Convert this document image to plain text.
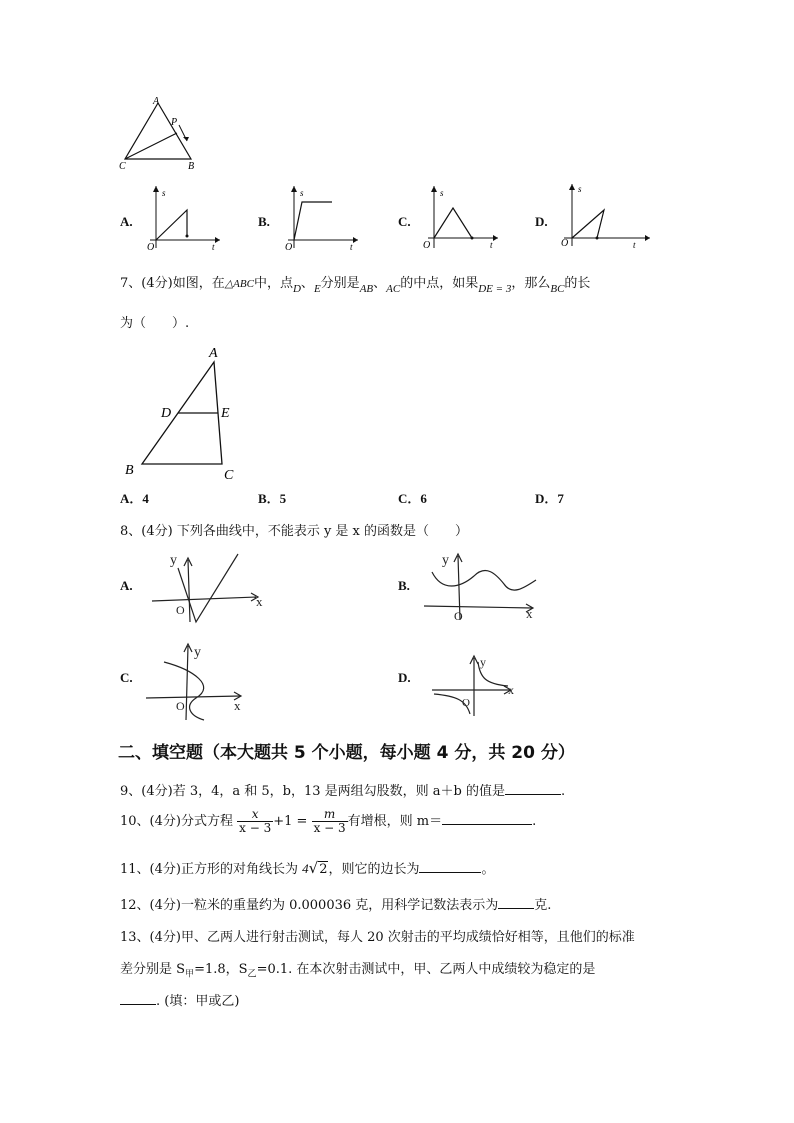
A
P
B
C
A.
s
t
O
B.
s
t
O
C.
s
t
O
D.
s
t
O
7、(4分)如图，在△ABC中，点$_D$、$_E$分别是$_{AB}$、$_{AC}$的中点，如果$_{DE = 3}$，那么$_{BC}$的长
为（　　）.
A
D	E
B	C
A．4	B．5	C．6	D．7
8、(4分) 下列各曲线中，不能表示 y 是 x 的函数是（　　）
A.
y
x
O
B.
y
x
O
C.
y
x
O
D.
y
x
O
二、填空题（本大题共 5 个小题，每小题 4 分，共 20 分）
9、(4分)若 3，4，a 和 5，b，13 是两组勾股数，则 a＋b 的值是	.
10、(4分)分式方程 $\frac{x}{x - 3} +1 = \frac{m}{x - 3}$ 有增根，则 m＝	.
11、(4分)正方形的对角线长为 4√2，则它的边长为	。
12、(4分)一粒米的重量约为 0.000036 克，用科学记数法表示为	克.
13、(4分)甲、乙两人进行射击测试，每人 20 次射击的平均成绩恰好相等，且他们的标准
差分别是 $S_甲=1.8$，$S_乙=0.1$. 在本次射击测试中，甲、乙两人中成绩较为稳定的是
. (填：甲或乙)
